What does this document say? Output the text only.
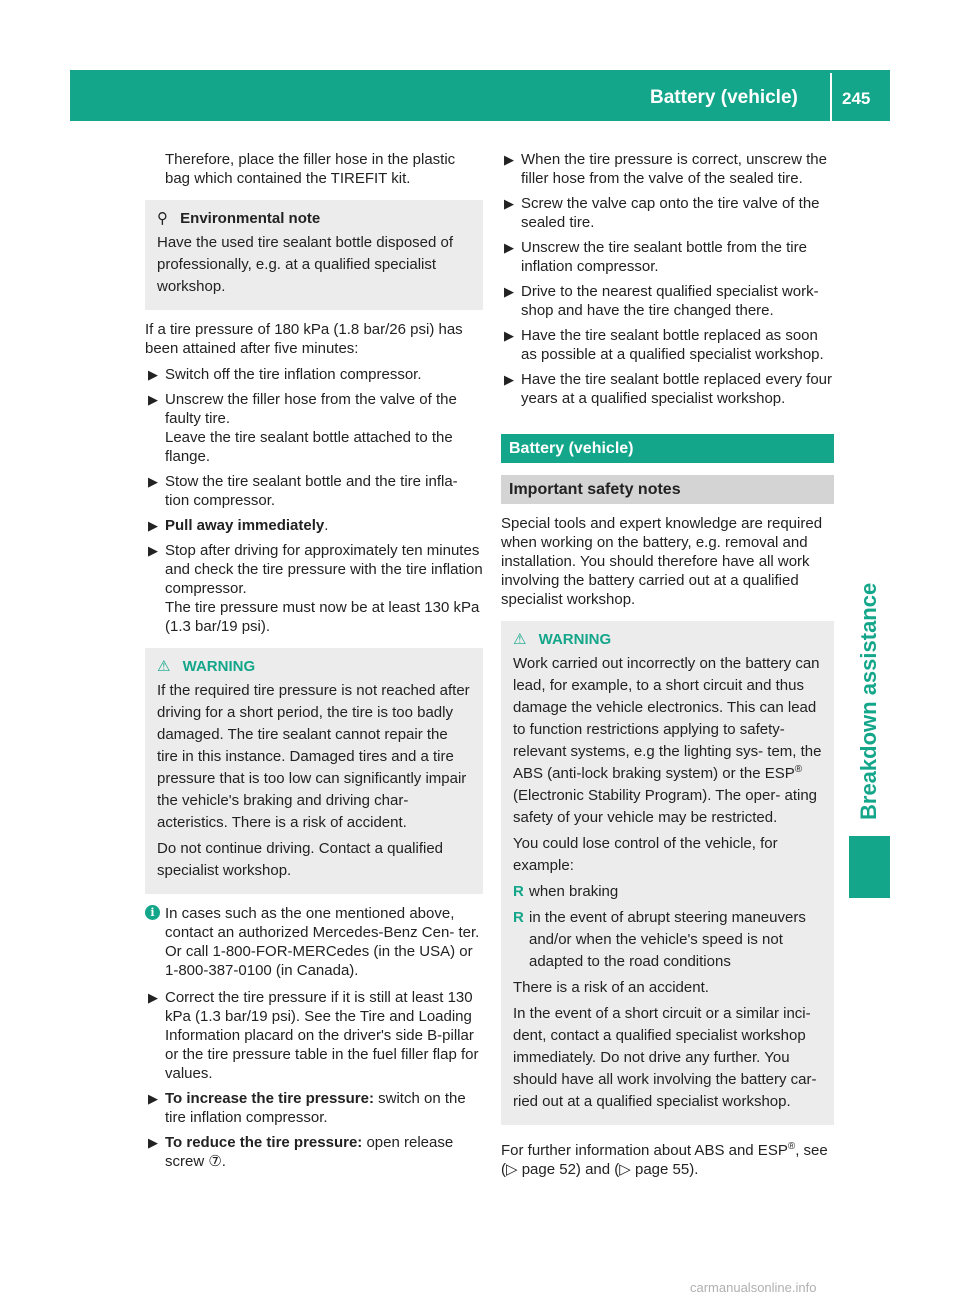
Battery (vehicle)	245
Breakdown assistance

Therefore, place the filler hose in the plastic bag which contained the TIREFIT kit.

⚲ Environmental note

Have the used tire sealant bottle disposed of professionally, e.g. at a qualified specialist workshop.

If a tire pressure of 180 kPa (1.8 bar/26 psi) has been attained after five minutes:

▶ Switch off the tire inflation compressor.

▶ Unscrew the filler hose from the valve of the faulty tire.

Leave the tire sealant bottle attached to the flange.

▶ Stow the tire sealant bottle and the tire infla- tion compressor.

▶ Pull away immediately.

▶ Stop after driving for approximately ten minutes and check the tire pressure with the tire inflation compressor.

The tire pressure must now be at least 130 kPa (1.3 bar/19 psi).

⚠ WARNING

If the required tire pressure is not reached after driving for a short period, the tire is too badly damaged. The tire sealant cannot repair the tire in this instance. Damaged tires and a tire pressure that is too low can significantly impair the vehicle's braking and driving char- acteristics. There is a risk of accident.

Do not continue driving. Contact a qualified specialist workshop.

i In cases such as the one mentioned above, contact an authorized Mercedes-Benz Cen- ter. Or call 1-800-FOR-MERCedes (in the USA) or 1-800-387-0100 (in Canada).
▶ Correct the tire pressure if it is still at least 130 kPa (1.3 bar/19 psi). See the Tire and Loading Information placard on the driver's side B-pillar or the tire pressure table in the fuel filler flap for values.

▶ To increase the tire pressure: switch on the tire inflation compressor.

▶ To reduce the tire pressure: open release screw ⑦.

▶ When the tire pressure is correct, unscrew the filler hose from the valve of the sealed tire.

▶ Screw the valve cap onto the tire valve of the sealed tire.

▶ Unscrew the tire sealant bottle from the tire inflation compressor.

▶ Drive to the nearest qualified specialist work- shop and have the tire changed there.

▶ Have the tire sealant bottle replaced as soon as possible at a qualified specialist workshop.

▶ Have the tire sealant bottle replaced every four years at a qualified specialist workshop.

Battery (vehicle)
Important safety notes

Special tools and expert knowledge are required when working on the battery, e.g. removal and installation. You should therefore have all work involving the battery carried out at a qualified specialist workshop.

⚠ WARNING

Work carried out incorrectly on the battery can lead, for example, to a short circuit and thus damage the vehicle electronics. This can lead to function restrictions applying to safety-relevant systems, e.g the lighting sys- tem, the ABS (anti-lock braking system) or the ESP® (Electronic Stability Program). The oper- ating safety of your vehicle may be restricted.

You could lose control of the vehicle, for example:

R when braking
R in the event of abrupt steering maneuvers and/or when the vehicle's speed is not adapted to the road conditions

There is a risk of an accident.

In the event of a short circuit or a similar inci- dent, contact a qualified specialist workshop immediately. Do not drive any further. You should have all work involving the battery car- ried out at a qualified specialist workshop.

For further information about ABS and ESP®, see (▷ page 52) and (▷ page 55).

carmanualsonline.info
